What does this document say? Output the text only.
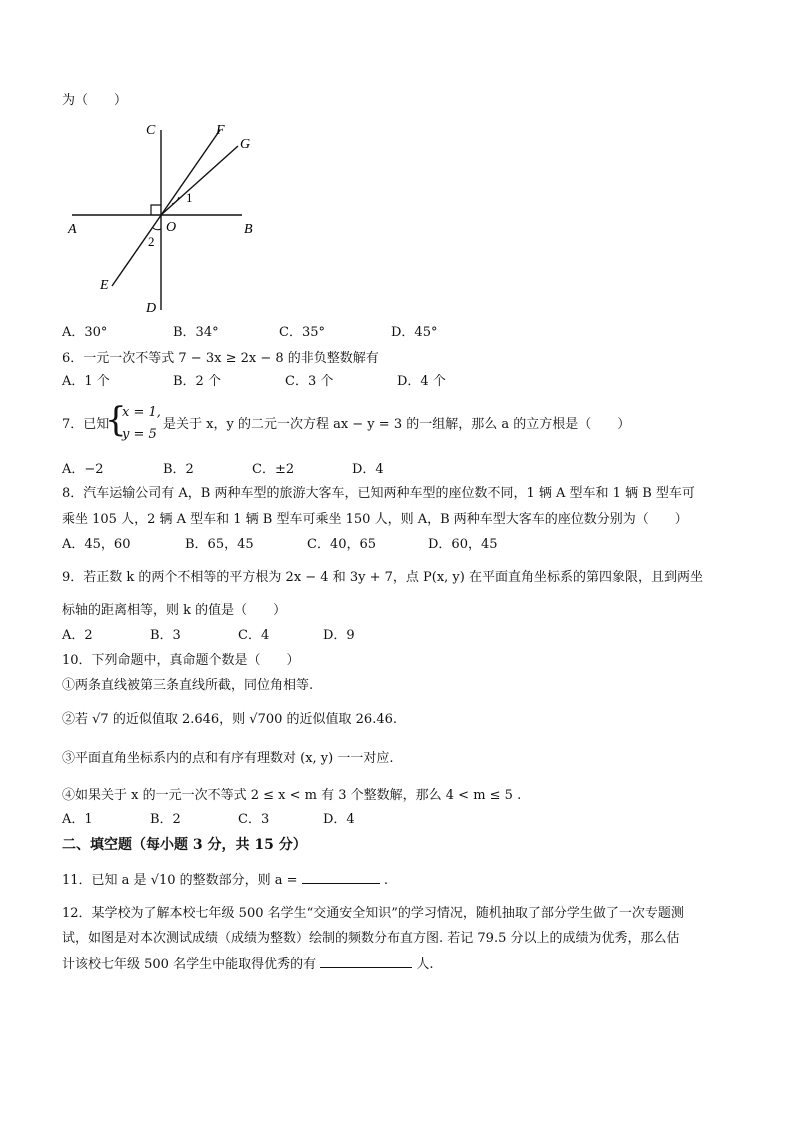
为（　　）
C	F
G
1
A	O	B
2
E
D
A．30°	B．34°	C．35°	D．45°
6．一元一次不等式 7 − 3x ≥ 2x − 8 的非负整数解有
A．1 个	B．2 个	C．3 个	D．4 个
7．已知
{
x = 1,
y = 5
是关于 x，y 的二元一次方程 ax − y = 3 的一组解，那么 a 的立方根是（　　）
A．−2	B．2	C．±2	D．4
8．汽车运输公司有 A，B 两种车型的旅游大客车，已知两种车型的座位数不同，1 辆 A 型车和 1 辆 B 型车可
乘坐 105 人，2 辆 A 型车和 1 辆 B 型车可乘坐 150 人，则 A，B 两种车型大客车的座位数分别为（　　）
A．45，60	B．65，45	C．40，65	D．60，45
9．若正数 k 的两个不相等的平方根为 2x − 4 和 3y + 7，点 P(x, y) 在平面直角坐标系的第四象限，且到两坐
标轴的距离相等，则 k 的值是（　　）
A．2	B．3	C．4	D．9
10．下列命题中，真命题个数是（　　）
①两条直线被第三条直线所截，同位角相等.
②若 √7 的近似值取 2.646，则 √700 的近似值取 26.46.
③平面直角坐标系内的点和有序有理数对 (x, y) 一一对应.
④如果关于 x 的一元一次不等式 2 ≤ x < m 有 3 个整数解，那么 4 < m ≤ 5 .
A．1	B．2	C．3	D．4
二、填空题（每小题 3 分，共 15 分）
11．已知 a 是 √10 的整数部分，则 a =	.
12．某学校为了解本校七年级 500 名学生“交通安全知识”的学习情况，随机抽取了部分学生做了一次专题测
试，如图是对本次测试成绩（成绩为整数）绘制的频数分布直方图. 若记 79.5 分以上的成绩为优秀，那么估
计该校七年级 500 名学生中能取得优秀的有	人.
